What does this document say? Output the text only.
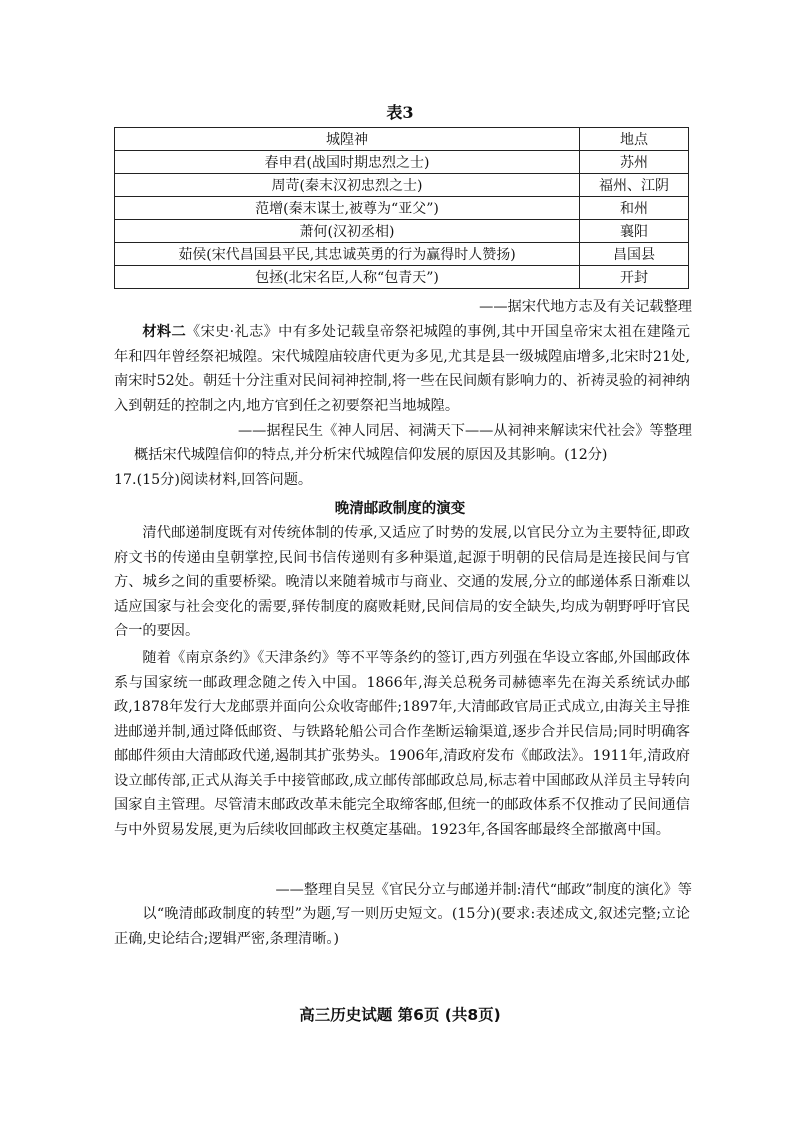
表3
城隍神	地点
春申君(战国时期忠烈之士)	苏州
周苛(秦末汉初忠烈之士)	福州、江阴
范增(秦末谋士,被尊为“亚父”)	和州
萧何(汉初丞相)	襄阳
茹侯(宋代昌国县平民,其忠诚英勇的行为赢得时人赞扬)	昌国县
包拯(北宋名臣,人称“包青天”)	开封
——据宋代地方志及有关记载整理

材料二《宋史·礼志》中有多处记载皇帝祭祀城隍的事例,其中开国皇帝宋太祖在建隆元年和四年曾经祭祀城隍。宋代城隍庙较唐代更为多见,尤其是县一级城隍庙增多,北宋时21处,南宋时52处。朝廷十分注重对民间祠神控制,将一些在民间颇有影响力的、祈祷灵验的祠神纳入到朝廷的控制之内,地方官到任之初要祭祀当地城隍。

——据程民生《神人同居、祠满天下——从祠神来解读宋代社会》等整理
概括宋代城隍信仰的特点,并分析宋代城隍信仰发展的原因及其影响。(12分)
17.(15分)阅读材料,回答问题。
晚清邮政制度的演变

清代邮递制度既有对传统体制的传承,又适应了时势的发展,以官民分立为主要特征,即政府文书的传递由皇朝掌控,民间书信传递则有多种渠道,起源于明朝的民信局是连接民间与官方、城乡之间的重要桥梁。晚清以来随着城市与商业、交通的发展,分立的邮递体系日渐难以适应国家与社会变化的需要,驿传制度的腐败耗财,民间信局的安全缺失,均成为朝野呼吁官民合一的要因。

随着《南京条约》《天津条约》等不平等条约的签订,西方列强在华设立客邮,外国邮政体系与国家统一邮政理念随之传入中国。1866年,海关总税务司赫德率先在海关系统试办邮政,1878年发行大龙邮票并面向公众收寄邮件;1897年,大清邮政官局正式成立,由海关主导推进邮递并制,通过降低邮资、与铁路轮船公司合作垄断运输渠道,逐步合并民信局;同时明确客邮邮件须由大清邮政代递,遏制其扩张势头。1906年,清政府发布《邮政法》。1911年,清政府设立邮传部,正式从海关手中接管邮政,成立邮传部邮政总局,标志着中国邮政从洋员主导转向国家自主管理。尽管清末邮政改革未能完全取缔客邮,但统一的邮政体系不仅推动了民间通信与中外贸易发展,更为后续收回邮政主权奠定基础。1923年,各国客邮最终全部撤离中国。

——整理自吴昱《官民分立与邮递并制:清代“邮政”制度的演化》等

以“晚清邮政制度的转型”为题,写一则历史短文。(15分)(要求:表述成文,叙述完整;立论正确,史论结合;逻辑严密,条理清晰。)

高三历史试题 第6页 (共8页)
